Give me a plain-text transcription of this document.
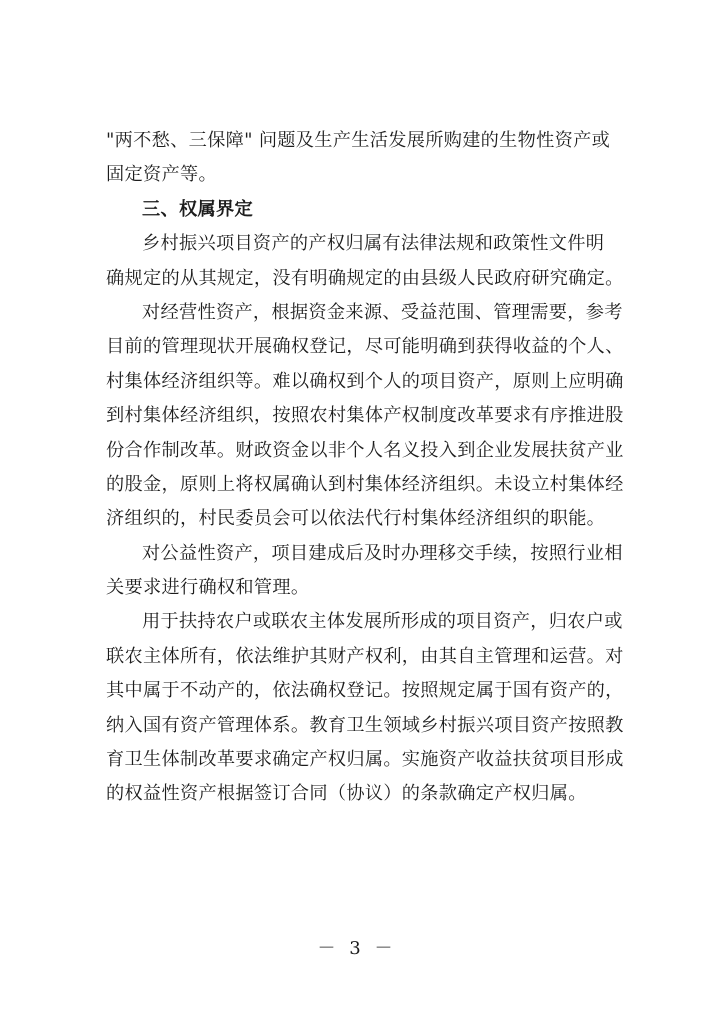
"两不愁、三保障" 问题及生产生活发展所购建的生物性资产或
固定资产等。
三、权属界定
乡村振兴项目资产的产权归属有法律法规和政策性文件明
确规定的从其规定，没有明确规定的由县级人民政府研究确定。
对经营性资产，根据资金来源、受益范围、管理需要，参考
目前的管理现状开展确权登记，尽可能明确到获得收益的个人、
村集体经济组织等。难以确权到个人的项目资产，原则上应明确
到村集体经济组织，按照农村集体产权制度改革要求有序推进股
份合作制改革。财政资金以非个人名义投入到企业发展扶贫产业
的股金，原则上将权属确认到村集体经济组织。未设立村集体经
济组织的，村民委员会可以依法代行村集体经济组织的职能。
对公益性资产，项目建成后及时办理移交手续，按照行业相
关要求进行确权和管理。
用于扶持农户或联农主体发展所形成的项目资产，归农户或
联农主体所有，依法维护其财产权利，由其自主管理和运营。对
其中属于不动产的，依法确权登记。按照规定属于国有资产的，
纳入国有资产管理体系。教育卫生领域乡村振兴项目资产按照教
育卫生体制改革要求确定产权归属。实施资产收益扶贫项目形成
的权益性资产根据签订合同（协议）的条款确定产权归属。
－ 3 －
